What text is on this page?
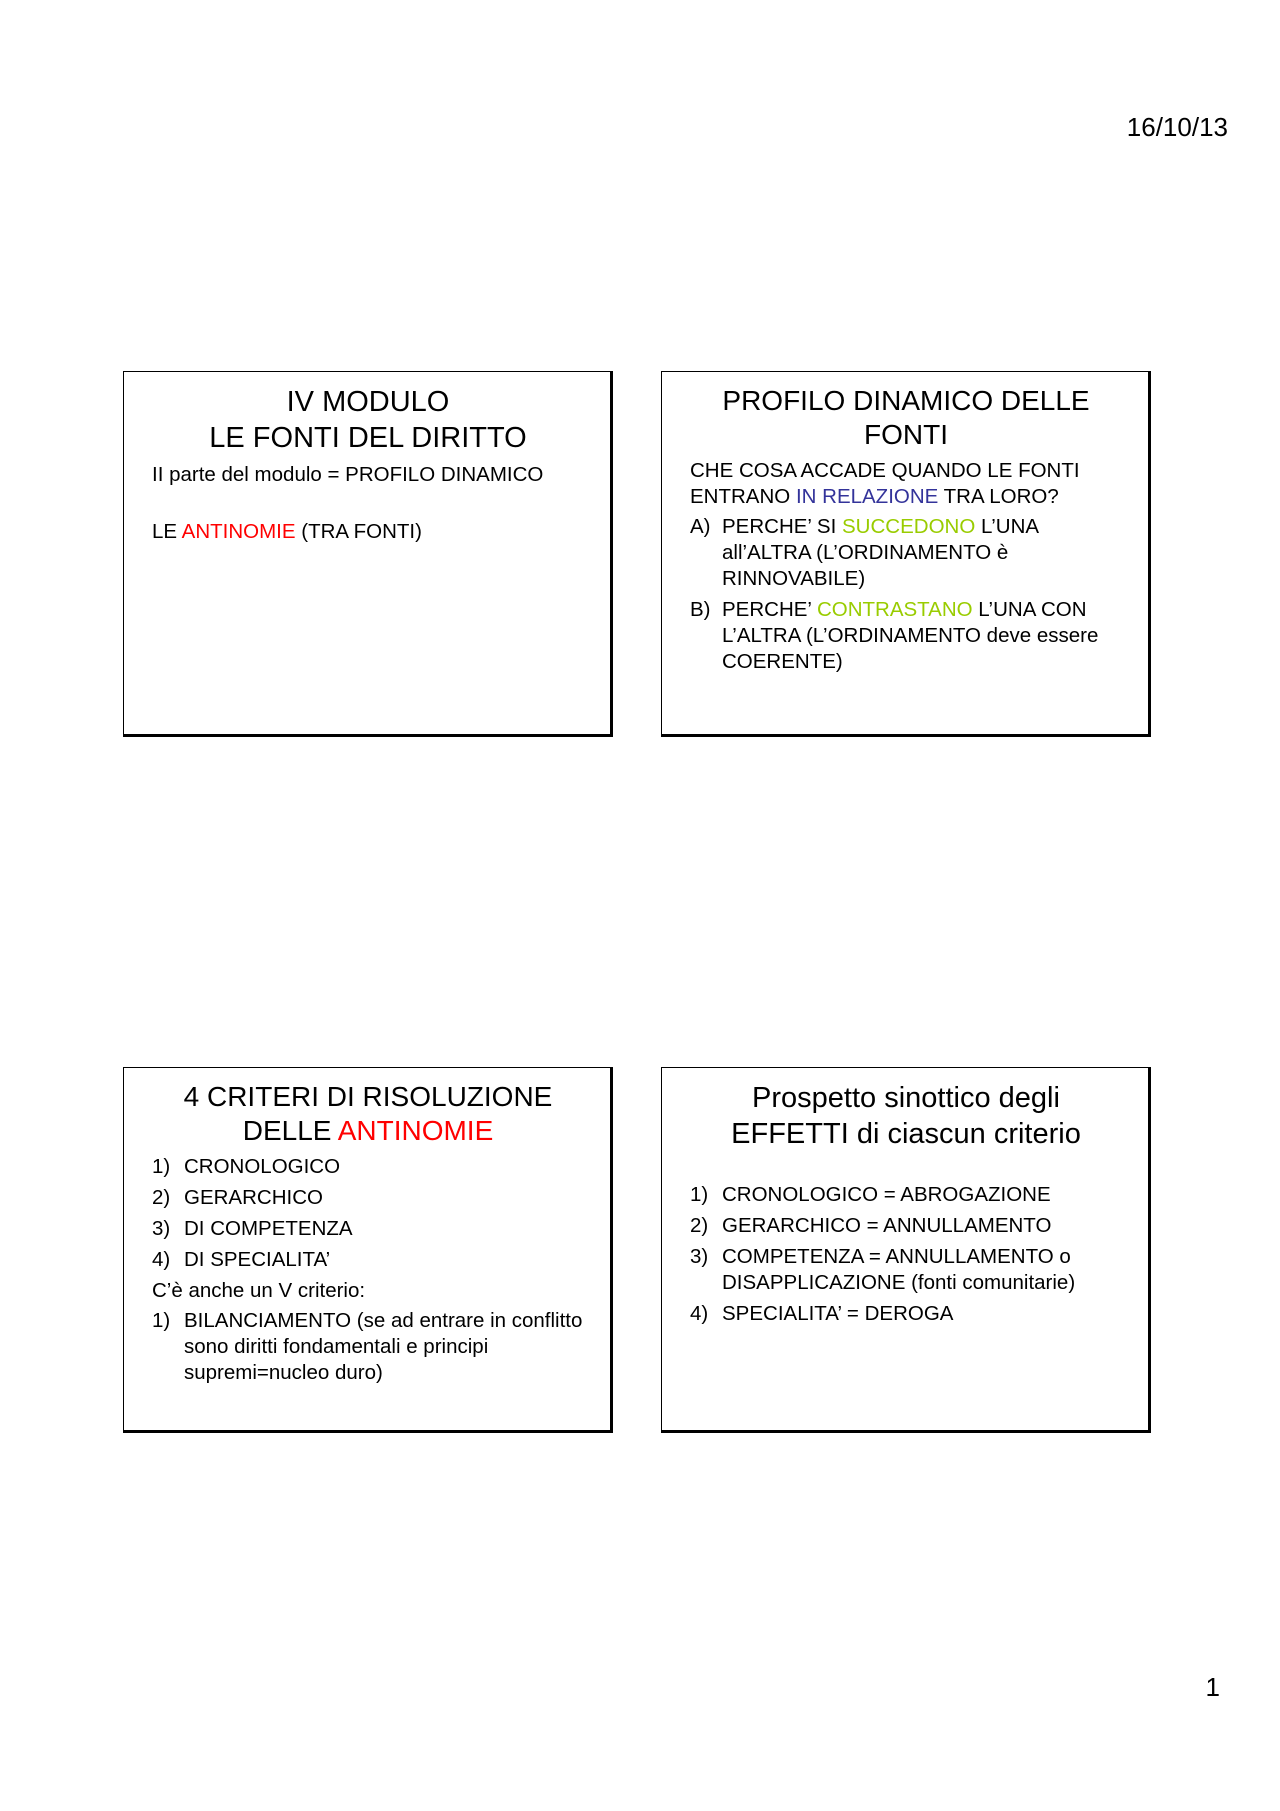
16/10/13
IV MODULO
LE FONTI DEL DIRITTO
II parte del modulo = PROFILO DINAMICO
LE ANTINOMIE (TRA FONTI)
PROFILO DINAMICO DELLE
FONTI
CHE COSA ACCADE QUANDO LE FONTI
ENTRANO IN RELAZIONE TRA LORO?
A) PERCHE’ SI SUCCEDONO L’UNA all’ALTRA (L’ORDINAMENTO è RINNOVABILE)
B) PERCHE’ CONTRASTANO L’UNA CON L’ALTRA (L’ORDINAMENTO deve essere COERENTE)
4 CRITERI DI RISOLUZIONE
DELLE ANTINOMIE
1) CRONOLOGICO
2) GERARCHICO
3) DI COMPETENZA
4) DI SPECIALITA’
C’è anche un V criterio:
1) BILANCIAMENTO (se ad entrare in conflitto sono diritti fondamentali e principi supremi=nucleo duro)
Prospetto sinottico degli
EFFETTI di ciascun criterio
1) CRONOLOGICO = ABROGAZIONE
2) GERARCHICO = ANNULLAMENTO
3) COMPETENZA = ANNULLAMENTO o DISAPPLICAZIONE (fonti comunitarie)
4) SPECIALITA’ = DEROGA
1
